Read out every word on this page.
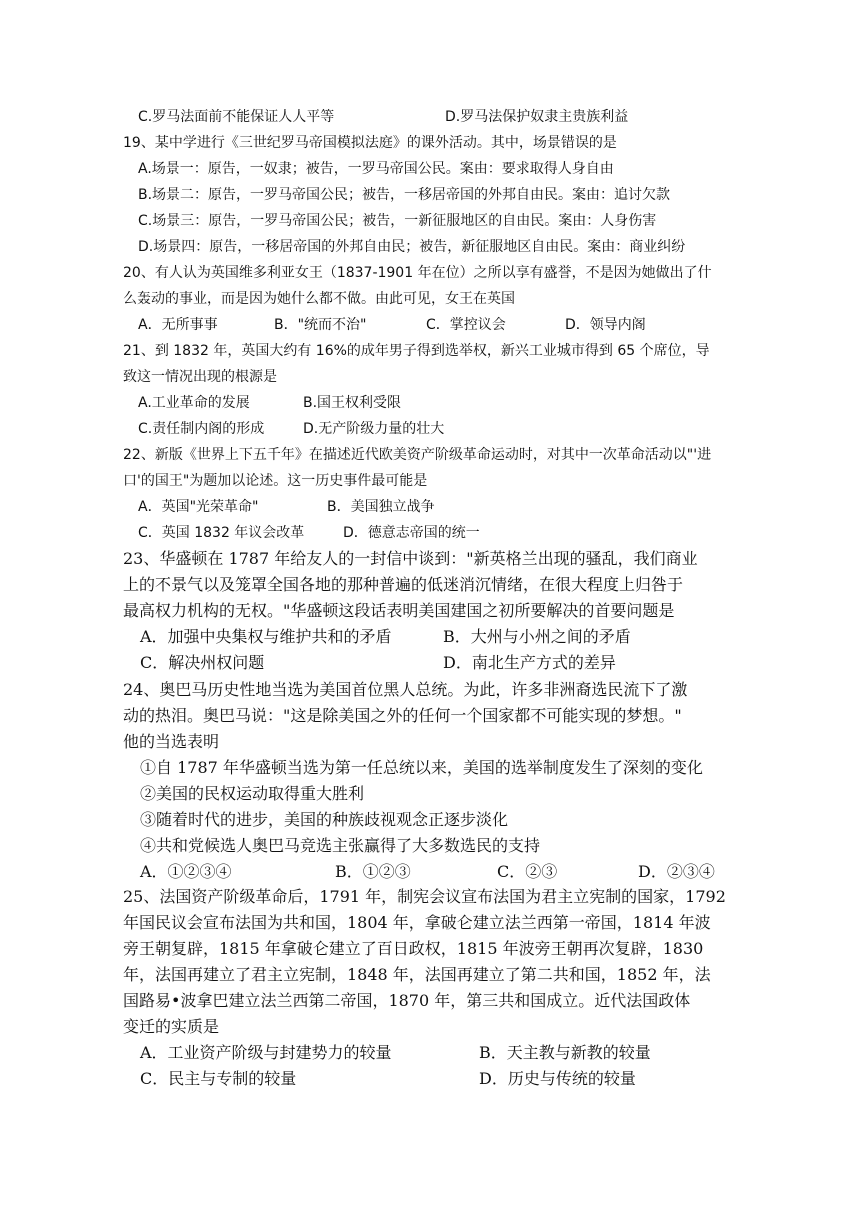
C.罗马法面前不能保证人人平等	D.罗马法保护奴隶主贵族利益
19、某中学进行《三世纪罗马帝国模拟法庭》的课外活动。其中，场景错误的是
A.场景一：原告，一奴隶；被告，一罗马帝国公民。案由：要求取得人身自由
B.场景二：原告，一罗马帝国公民；被告，一移居帝国的外邦自由民。案由：追讨欠款
C.场景三：原告，一罗马帝国公民；被告，一新征服地区的自由民。案由：人身伤害
D.场景四：原告，一移居帝国的外邦自由民；被告，新征服地区自由民。案由：商业纠纷
20、有人认为英国维多利亚女王（1837-1901 年在位）之所以享有盛誉，不是因为她做出了什
么轰动的事业，而是因为她什么都不做。由此可见，女王在英国
A．无所事事	B．"统而不治"	C．掌控议会	D．领导内阁
21、到 1832 年，英国大约有 16%的成年男子得到选举权，新兴工业城市得到 65 个席位，导
致这一情况出现的根源是
A.工业革命的发展	B.国王权利受限
C.责任制内阁的形成	D.无产阶级力量的壮大
22、新版《世界上下五千年》在描述近代欧美资产阶级革命运动时，对其中一次革命活动以"'进
口'的国王"为题加以论述。这一历史事件最可能是
A．英国"光荣革命"	B．美国独立战争
C．英国 1832 年议会改革	D．德意志帝国的统一
23、华盛顿在 1787 年给友人的一封信中谈到："新英格兰出现的骚乱，我们商业
上的不景气以及笼罩全国各地的那种普遍的低迷消沉情绪，在很大程度上归咎于
最高权力机构的无权。"华盛顿这段话表明美国建国之初所要解决的首要问题是
A．加强中央集权与维护共和的矛盾	B．大州与小州之间的矛盾
C．解决州权问题	D．南北生产方式的差异
24、奥巴马历史性地当选为美国首位黑人总统。为此，许多非洲裔选民流下了激
动的热泪。奥巴马说："这是除美国之外的任何一个国家都不可能实现的梦想。"
他的当选表明
①自 1787 年华盛顿当选为第一任总统以来，美国的选举制度发生了深刻的变化
②美国的民权运动取得重大胜利
③随着时代的进步，美国的种族歧视观念正逐步淡化
④共和党候选人奥巴马竞选主张赢得了大多数选民的支持
A．①②③④	B．①②③	C．②③	D．②③④
25、法国资产阶级革命后，1791 年，制宪会议宣布法国为君主立宪制的国家，1792
年国民议会宣布法国为共和国，1804 年，拿破仑建立法兰西第一帝国，1814 年波
旁王朝复辟，1815 年拿破仑建立了百日政权，1815 年波旁王朝再次复辟，1830
年，法国再建立了君主立宪制，1848 年，法国再建立了第二共和国，1852 年，法
国路易•波拿巴建立法兰西第二帝国，1870 年，第三共和国成立。近代法国政体
变迁的实质是
A．工业资产阶级与封建势力的较量	B．天主教与新教的较量
C．民主与专制的较量	D．历史与传统的较量
